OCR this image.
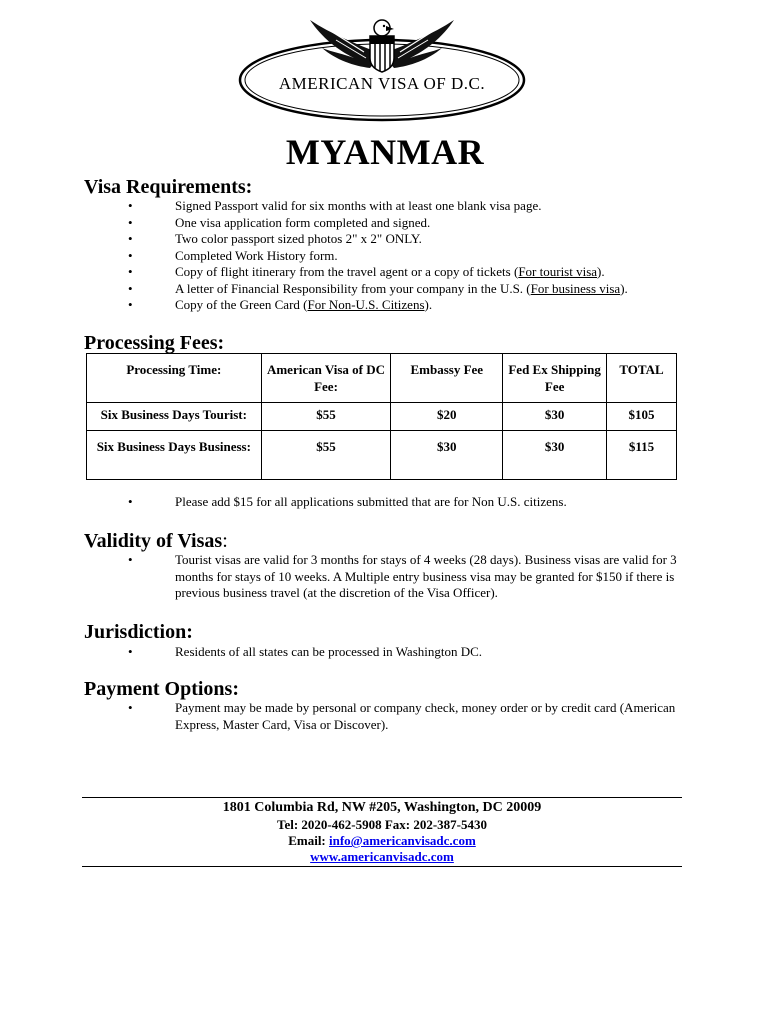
AMERICAN VISA OF D.C.
MYANMAR
Visa Requirements:
•	Signed Passport valid for six months with at least one blank visa page.
•	One visa application form completed and signed.
•	Two color passport sized photos 2" x 2" ONLY.
•	Completed Work History form.
•	Copy of flight itinerary from the travel agent or a copy of tickets (For tourist visa).
•	A letter of Financial Responsibility from your company in the U.S. (For business visa).
•	Copy of the Green Card (For Non-U.S. Citizens).
Processing Fees:
Processing Time:	American Visa of DC Fee:	Embassy Fee	Fed Ex Shipping Fee	TOTAL
Six Business Days Tourist:	$55	$20	$30	$105
Six Business Days Business:	$55	$30	$30	$115
•	Please add $15 for all applications submitted that are for Non U.S. citizens.
Validity of Visas:
•	Tourist visas are valid for 3 months for stays of 4 weeks (28 days). Business visas are valid for 3 months for stays of 10 weeks. A Multiple entry business visa may be granted for $150 if there is previous business travel (at the discretion of the Visa Officer).
Jurisdiction:
•	Residents of all states can be processed in Washington DC.
Payment Options:
•	Payment may be made by personal or company check, money order or by credit card (American Express, Master Card, Visa or Discover).
1801 Columbia Rd, NW #205, Washington, DC 20009
Tel: 2020-462-5908 Fax: 202-387-5430
Email: info@americanvisadc.com
www.americanvisadc.com
